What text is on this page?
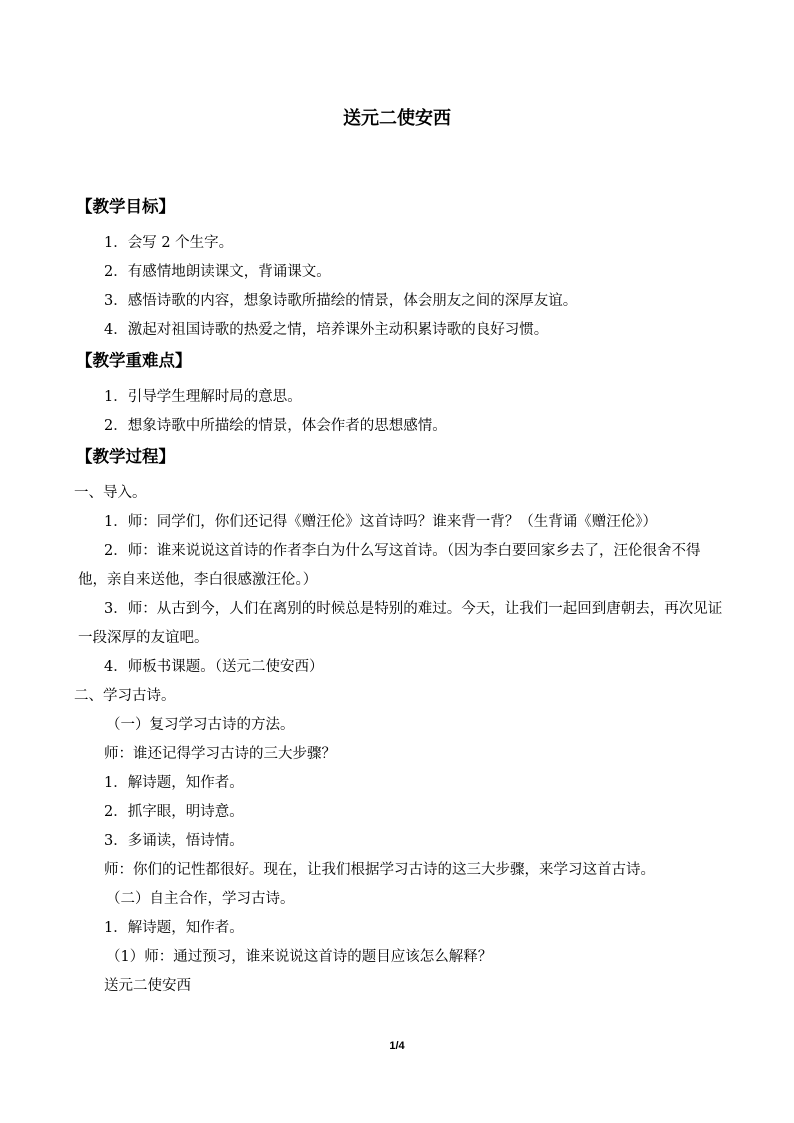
送元二使安西
【教学目标】
1．会写 2 个生字。
2．有感情地朗读课文，背诵课文。
3．感悟诗歌的内容，想象诗歌所描绘的情景，体会朋友之间的深厚友谊。
4．激起对祖国诗歌的热爱之情，培养课外主动积累诗歌的良好习惯。
【教学重难点】
1．引导学生理解时局的意思。
2．想象诗歌中所描绘的情景，体会作者的思想感情。
【教学过程】
一、导入。
1．师：同学们，你们还记得《赠汪伦》这首诗吗？谁来背一背？（生背诵《赠汪伦》）
2．师：谁来说说这首诗的作者李白为什么写这首诗。（因为李白要回家乡去了，汪伦很舍不得他，亲自来送他，李白很感激汪伦。）
3．师：从古到今，人们在离别的时候总是特别的难过。今天，让我们一起回到唐朝去，再次见证一段深厚的友谊吧。
4．师板书课题。（送元二使安西）
二、学习古诗。
（一）复习学习古诗的方法。
师：谁还记得学习古诗的三大步骤？
1．解诗题，知作者。
2．抓字眼，明诗意。
3．多诵读，悟诗情。
师：你们的记性都很好。现在，让我们根据学习古诗的这三大步骤，来学习这首古诗。
（二）自主合作，学习古诗。
1．解诗题，知作者。
（1）师：通过预习，谁来说说这首诗的题目应该怎么解释？
送元二使安西
1/4
